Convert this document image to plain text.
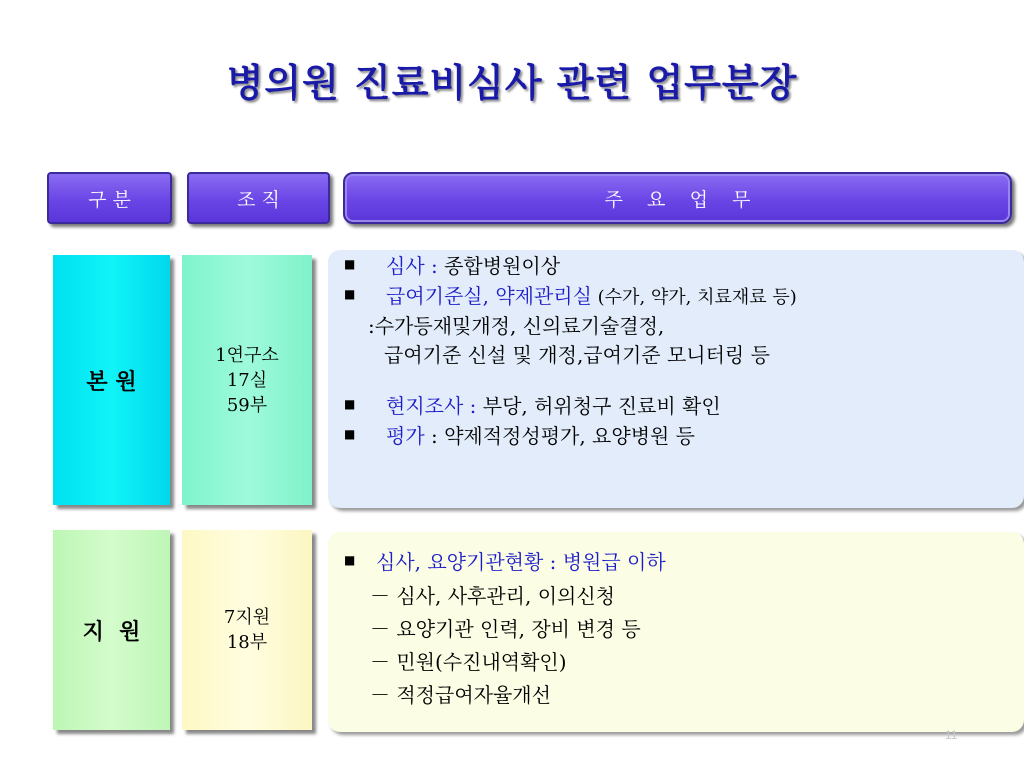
병의원 진료비심사 관련 업무분장
구 분	조 직	주    요    업    무
본 원
1연구소
17실
59부
■ 심사 : 종합병원이상
■ 급여기준실, 약제관리실 (수가, 약가, 치료재료 등)
:수가등재및개정, 신의료기술결정,
급여기준 신설 및 개정,급여기준 모니터링 등
■ 현지조사 : 부당, 허위청구 진료비 확인
■ 평가 : 약제적정성평가, 요양병원 등
지  원
7지원
18부
■ 심사, 요양기관현황 : 병원급 이하
－ 심사, 사후관리, 이의신청
－ 요양기관 인력, 장비 변경 등
－ 민원(수진내역확인)
－ 적정급여자율개선
11
